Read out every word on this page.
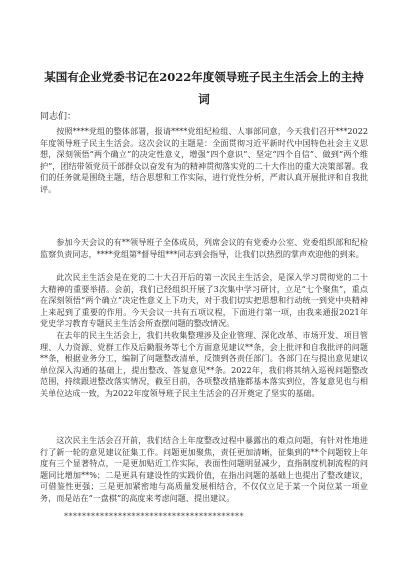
某国有企业党委书记在2022年度领导班子民主生活会上的主持词
同志们：

按照****党组的整体部署，报请****党组纪检组、人事部同意，今天我们召开***2022年度领导班子民主生活会。这次会议的主题是：全面贯彻习近平新时代中国特色社会主义思想，深刻领悟“两个确立”的决定性意义，增强“四个意识”、坚定“四个自信”、做到“两个维护”，团结带领党员干部群众以奋发有为的精神贯彻落实党的二十大作出的重大决策部署。我们的任务就是围绕主题，结合思想和工作实际，进行党性分析，严肃认真开展批评和自我批评。

参加今天会议的有**领导班子全体成员，列席会议的有党委办公室、党委组织部和纪检监察负责同志，****党组第*督导组***同志到会指导，让我们以热烈的掌声欢迎他的到来。

此次民主生活会是在党的二十大召开后的第一次民主生活会，是深入学习贯彻党的二十大精神的重要举措。会前，我们已经组织开展了3次集中学习研讨，立足“七个聚焦”，重点在深刻领悟“两个确立”决定性意义上下功夫，对于我们切实把思想和行动统一到党中央精神上来起到了重要的作用。今天会议一共有五项议程，下面进行第一项，由我来通报2021年党史学习教育专题民主生活会所查摆问题的整改情况。

在去年的民主生活会上，我们共收集整理涉及企业管理、深化改革、市场开发、项目管理、人力资源、党群工作及后勤服务等七个方面意见建议**条，会上批评和自我批评的问题**条，根据业务分工，编制了问题整改清单，反馈到各责任部门。各部门在与提出意见建议单位深入沟通的基础上，提出整改、答复意见**条。2022年，我们将其纳入巡视问题整改范围，持续跟进整改落实情况，截至目前，各项整改措施都基本落实到位，答复意见也与相关单位达成一致，为2022年度领导班子民主生活会的召开奠定了坚实的基础。

这次民主生活会召开前，我们结合上年度整改过程中暴露出的难点问题，有针对性地进行了新一轮的意见建议征集工作。问题更加聚焦，责任更加清晰，征集到的**个问题较上年度有三个显著特点，一是更加贴近工作实际，表面性问题明显减少，直指制度机制流程的问题同比增加**%；二是更具有建设性的实践价值，在指出问题的基础上也提出了整改建议，可借鉴性更强；三是更加紧密地与高质量发展相结合，不仅仅立足于某一个岗位某一项业务，而是站在“一盘棋”的高度来考虑问题、提出建议。

****************************************
